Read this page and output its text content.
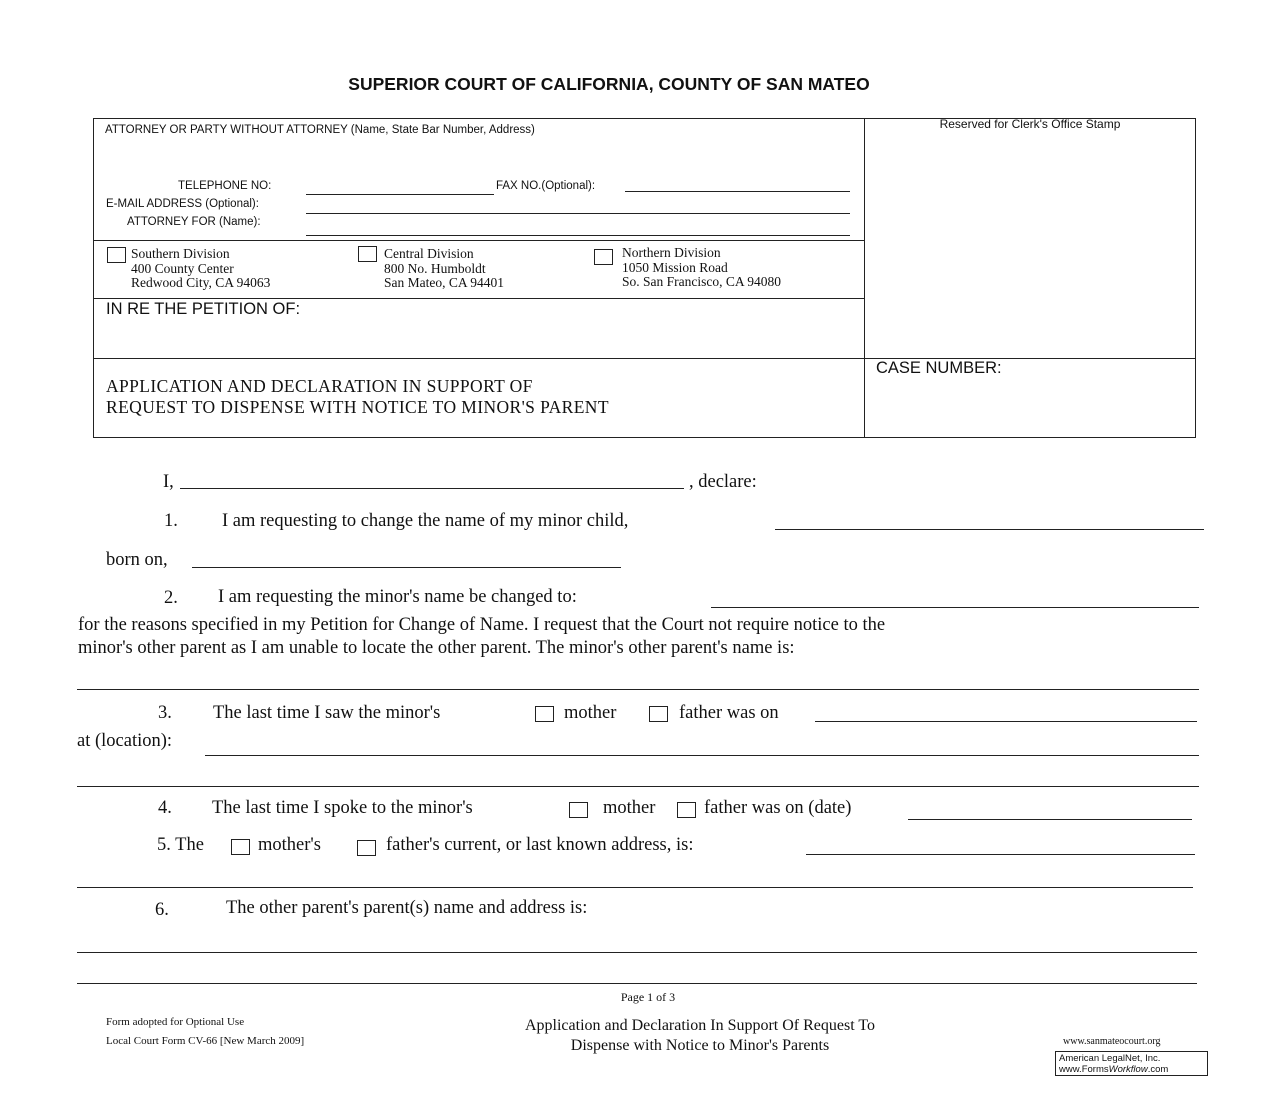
SUPERIOR COURT OF CALIFORNIA, COUNTY OF SAN MATEO
ATTORNEY OR PARTY WITHOUT ATTORNEY (Name, State Bar Number, Address)	Reserved for Clerk's Office Stamp
TELEPHONE NO:	FAX NO.(Optional):
E-MAIL ADDRESS (Optional):
ATTORNEY FOR (Name):
Southern Division
400 County Center
Redwood City, CA 94063
Central Division
800 No. Humboldt
San Mateo, CA 94401
Northern Division
1050 Mission Road
So. San Francisco, CA 94080
IN RE THE PETITION OF:
CASE NUMBER:
APPLICATION AND DECLARATION IN SUPPORT OF
REQUEST TO DISPENSE WITH NOTICE TO MINOR'S PARENT
I,	, declare:
1. I am requesting to change the name of my minor child,
born on,
2. I am requesting the minor's name be changed to:
for the reasons specified in my Petition for Change of Name. I request that the Court not require notice to the
minor's other parent as I am unable to locate the other parent. The minor's other parent's name is:
3. The last time I saw the minor's	mother	father was on
at (location):
4. The last time I spoke to the minor's	mother	father was on (date)
5. The	mother's	father's current, or last known address, is:
6.	The other parent's parent(s) name and address is:
Page 1 of 3
Form adopted for Optional Use
Local Court Form CV-66 [New March 2009]
Application and Declaration In Support Of Request To
Dispense with Notice to Minor's Parents	www.sanmateocourt.org
American LegalNet, Inc.
www.FormsWorkflow.com
